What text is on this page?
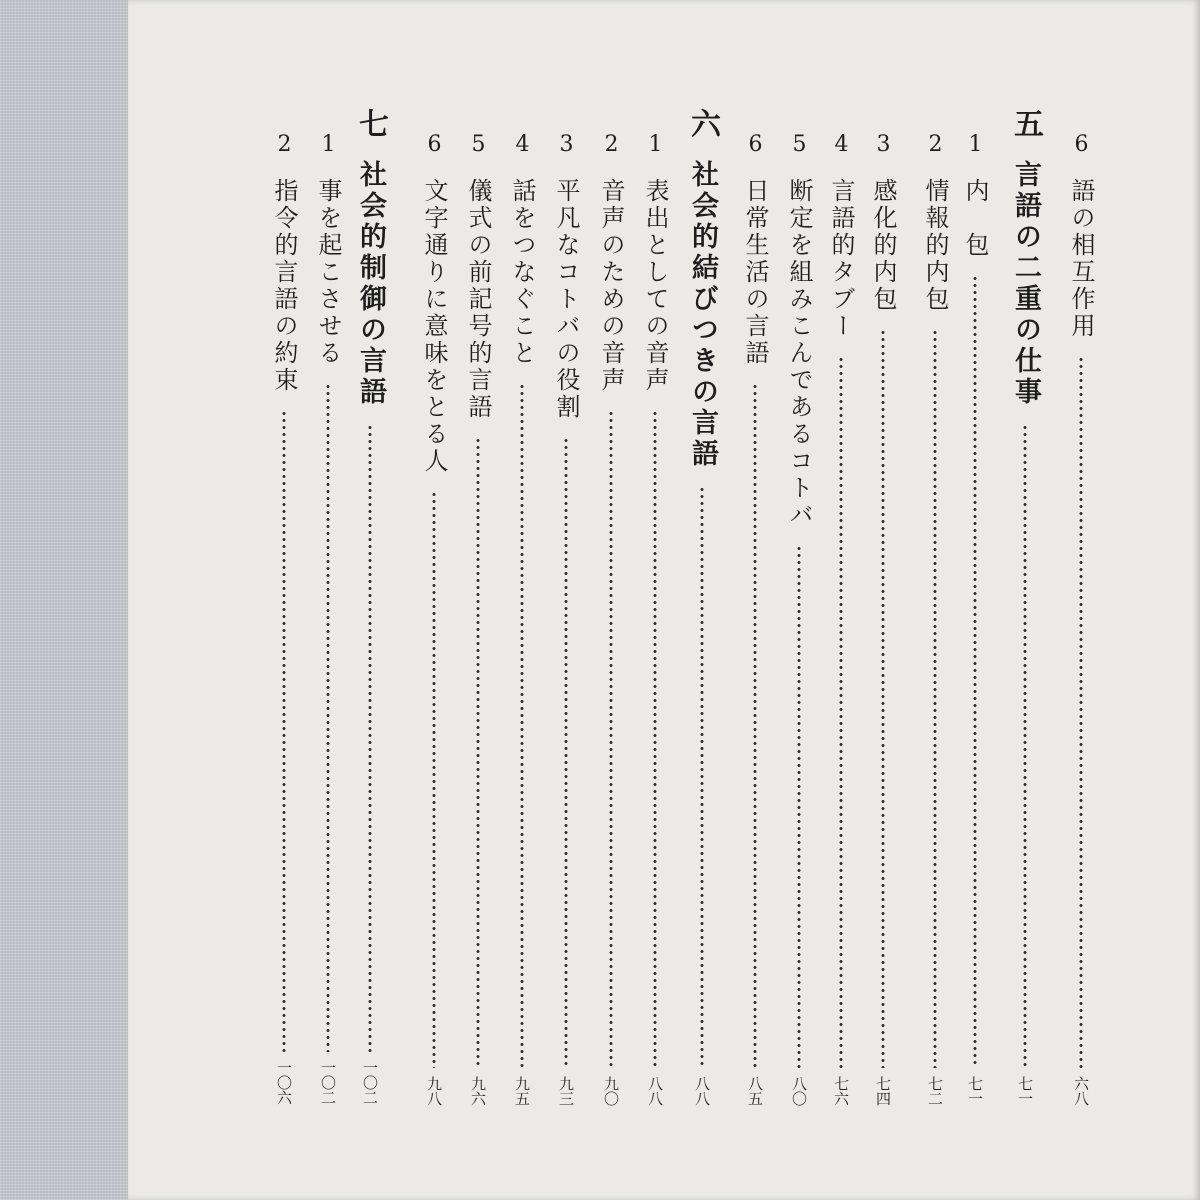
6語の相互作用
六八
五言語の二重の仕事
七一
1内　包
七一
2情報的内包
七二
3感化的内包
七四
4言語的タブー
七六
5断定を組みこんであるコトバ
八〇
6日常生活の言語
八五
六社会的結びつきの言語
八八
1表出としての音声
八八
2音声のための音声
九〇
3平凡なコトバの役割
九三
4話をつなぐこと
九五
5儀式の前記号的言語
九六
6文字通りに意味をとる人
九八
七社会的制御の言語
一〇二
1事を起こさせる
一〇二
2指令的言語の約束
一〇六
